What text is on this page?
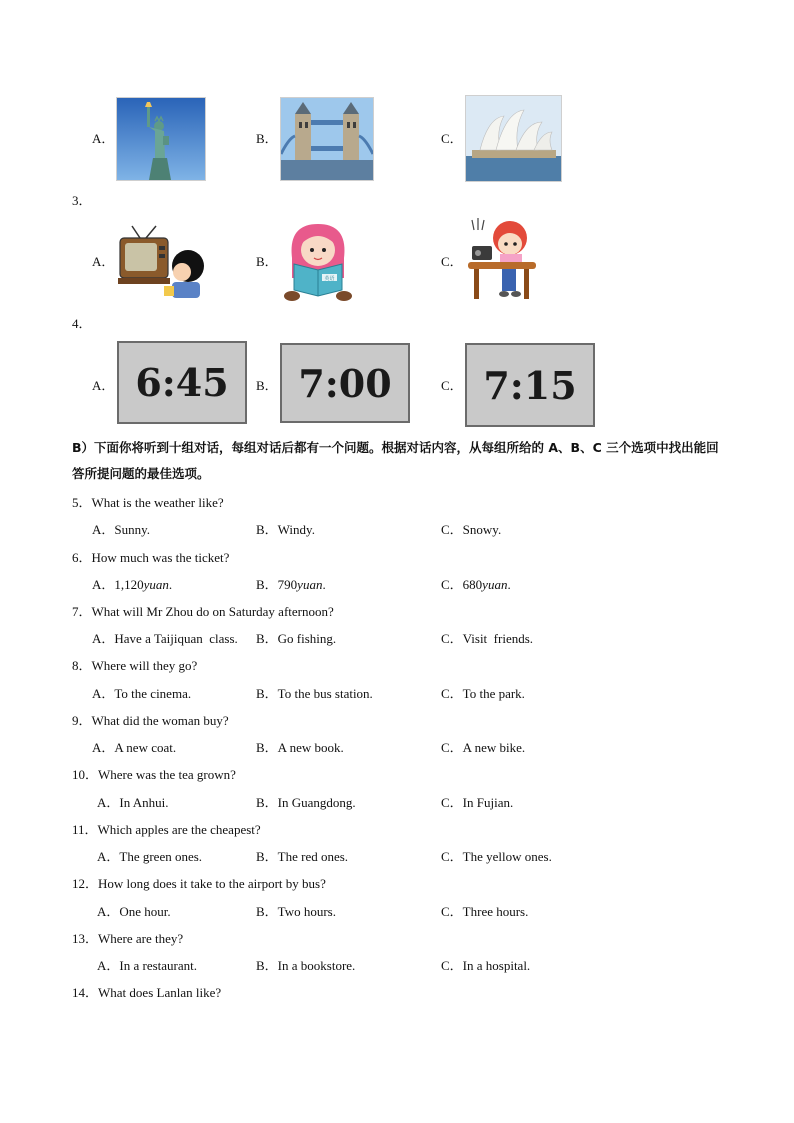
A．	B．	C．
3．
A．	B．
英语
C．
4．
A． 6:45 B． 7:00	C． 7:15
B）下面你将听到十组对话，每组对话后都有一个问题。根据对话内容，从每组所给的 A、B、C 三个选项中找出能回答所提问题的最佳选项。
5．What is the weather like?
A．Sunny.	B．Windy.	C．Snowy.
6．How much was the ticket?
A．1,120yuan.	B．790yuan.	C．680yuan.
7．What will Mr Zhou do on Saturday afternoon?
A．Have a Taijiquan  class. B．Go fishing.	C．Visit  friends.
8．Where will they go?
A．To the cinema.	B．To the bus station.	C．To the park.
9．What did the woman buy?
A．A new coat.	B．A new book.	C．A new bike.
10．Where was the tea grown?
A．In Anhui.	B．In Guangdong.	C．In Fujian.
11．Which apples are the cheapest?
A．The green ones.	B．The red ones.	C．The yellow ones.
12．How long does it take to the airport by bus?
A．One hour.	B．Two hours.	C．Three hours.
13．Where are they?
A．In a restaurant.	B．In a bookstore.	C．In a hospital.
14．What does Lanlan like?
